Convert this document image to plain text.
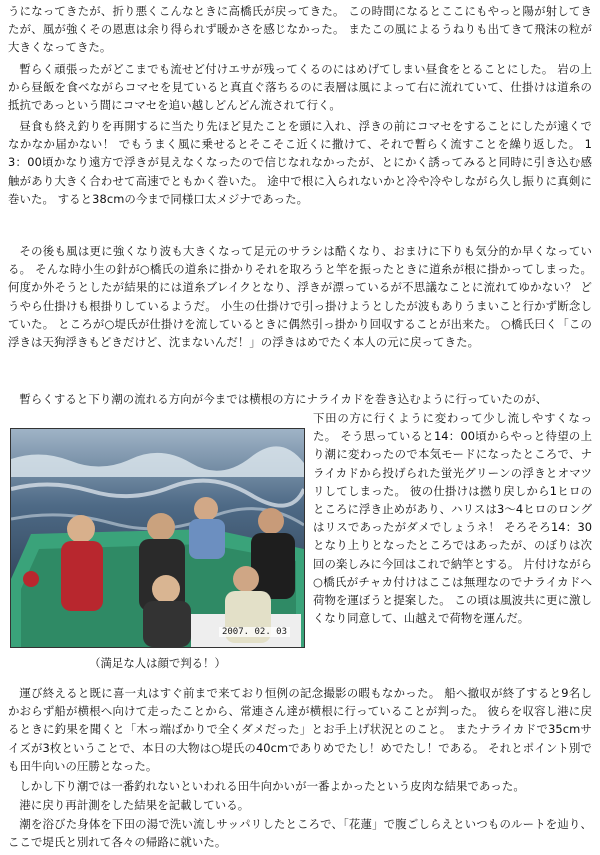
うになってきたが、折り悪くこんなときに高橋氏が戻ってきた。 この時間になるとここにもやっと陽が射してきたが、風が強くその恩恵は余り得られず暖かさを感じなかった。 またこの風によるうねりも出てきて飛沫の粒が大きくなってきた。

暫らく頑張ったがどこまでも流せど付けエサが残ってくるのにはめげてしまい昼食をとることにした。 岩の上から昼飯を食べながらコマセを見ていると真直ぐ落ちるのに表層は風によって右に流れていて、仕掛けは道糸の抵抗であっという間にコマセを追い越しどんどん流されて行く。

昼食も終え釣りを再開するに当たり先ほど見たことを頭に入れ、浮きの前にコマセをすることにしたが遠くでなかなか届かない！ でもうまく風に乗せるとそこそこ近くに撒けて、それで暫らく流すことを繰り返した。 13：00頃かなり遠方で浮きが見えなくなったので信じなれなかったが、とにかく誘ってみると同時に引き込む感触があり大きく合わせて高速でともかく巻いた。 途中で根に入られないかと冷や冷やしながら久し振りに真剣に巻いた。 すると38cmの今まで同様口太メジナであった。

その後も風は更に強くなり波も大きくなって足元のサラシは酷くなり、おまけに下りも気分的か早くなっている。 そんな時小生の針が○橋氏の道糸に掛かりそれを取ろうと竿を振ったときに道糸が根に掛かってしまった。 何度か外そうとしたが結果的には道糸ブレイクとなり、浮きが漂っているが不思議なことに流れてゆかない？ どうやら仕掛けも根掛りしているようだ。 小生の仕掛けで引っ掛けようとしたが波もありうまいこと行かず断念していた。 ところが○堤氏が仕掛けを流しているときに偶然引っ掛かり回収することが出来た。 ○橋氏曰く「この浮きは天狗浮きもどきだけど、沈まないんだ！」の浮きはめでたく本人の元に戻ってきた。

暫らくすると下り潮の流れる方向が今までは横根の方にナライカドを巻き込むように行っていたのが、

2007. 02. 03
（満足な人は顔で判る！）

下田の方に行くように変わって少し流しやすくなった。 そう思っていると14：00頃からやっと待望の上り潮に変わったので本気モードになったところで、ナライカドから投げられた蛍光グリーンの浮きとオマツリしてしまった。 彼の仕掛けは撚り戻しから1ヒロのところに浮き止めがあり、ハリスは3～4ヒロのロングはリスであったがダメでしょうネ！ そろそろ14：30となり上りとなったところではあったが、のぼりは次回の楽しみに今回はこれで納竿とする。 片付けながら○橋氏がチャカ付けはここは無理なのでナライカドへ荷物を運ぼうと提案した。 この頃は風波共に更に激しくなり同意して、山越えで荷物を運んだ。

運び終えると既に喜一丸はすぐ前まで来ており恒例の記念撮影の暇もなかった。 船へ撤収が終了すると9名しかおらず船が横根へ向けて走ったことから、常連さん達が横根に行っていることが判った。 彼らを収容し港に戻るときに釣果を聞くと「木っ端ばかりで全くダメだった」とお手上げ状況とのこと。 またナライカドで35cmサイズが3枚ということで、本日の大物は○堤氏の40cmでありめでたし！めでたし！である。 それとポイント別でも田牛向いの圧勝となった。

しかし下り潮では一番釣れないといわれる田牛向かいが一番よかったという皮肉な結果であった。

港に戻り再計測をした結果を記載している。

潮を浴びた身体を下田の湯で洗い流しサッパリしたところで、「花蓮」で腹ごしらえといつものルートを辿り、ここで堤氏と別れて各々の帰路に就いた。
